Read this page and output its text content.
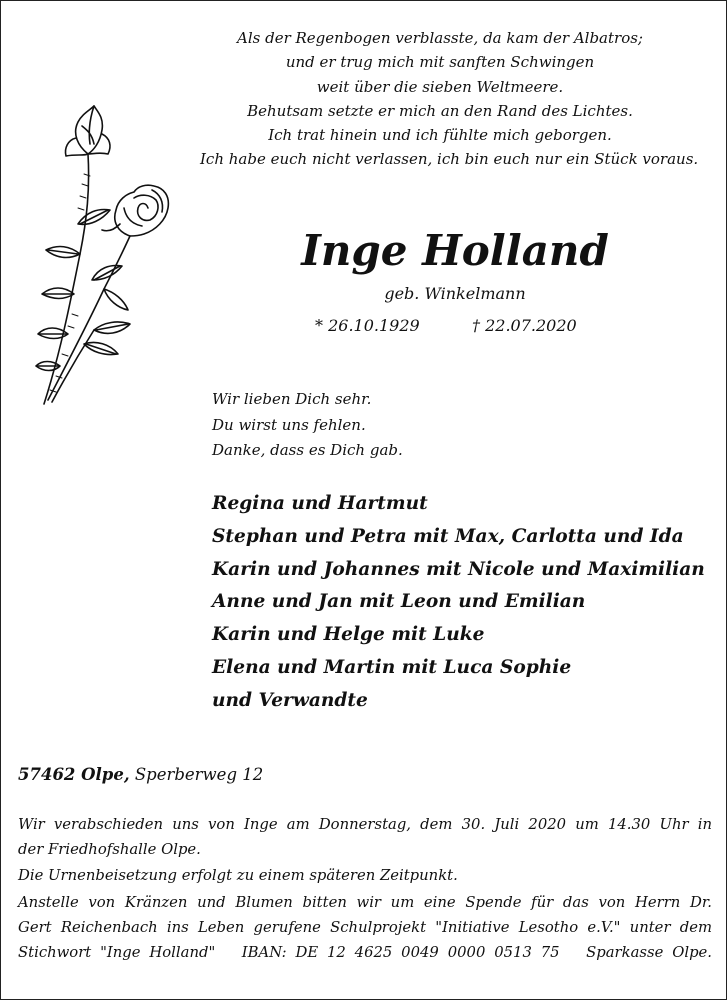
Als der Regenbogen verblasste, da kam der Albatros;
und er trug mich mit sanften Schwingen
weit über die sieben Weltmeere.
Behutsam setzte er mich an den Rand des Lichtes.
Ich trat hinein und ich fühlte mich geborgen.
Ich habe euch nicht verlassen, ich bin euch nur ein Stück voraus.
Inge Holland
geb. Winkelmann
* 26.10.1929	† 22.07.2020
Wir lieben Dich sehr.
Du wirst uns fehlen.
Danke, dass es Dich gab.
Regina und Hartmut
Stephan und Petra mit Max, Carlotta und Ida
Karin und Johannes mit Nicole und Maximilian
Anne und Jan mit Leon und Emilian
Karin und Helge mit Luke
Elena und Martin mit Luca Sophie
und Verwandte
57462 Olpe, Sperberweg 12
Wir verabschieden uns von Inge am Donnerstag, dem 30. Juli 2020 um 14.30 Uhr in
der Friedhofshalle Olpe.
Die Urnenbeisetzung erfolgt zu einem späteren Zeitpunkt.
Anstelle von Kränzen und Blumen bitten wir um eine Spende für das von Herrn Dr.
Gert Reichenbach ins Leben gerufene Schulprojekt "Initiative Lesotho e.V." unter dem
Stichwort "Inge Holland"   IBAN: DE 12 4625 0049 0000 0513 75   Sparkasse Olpe.
